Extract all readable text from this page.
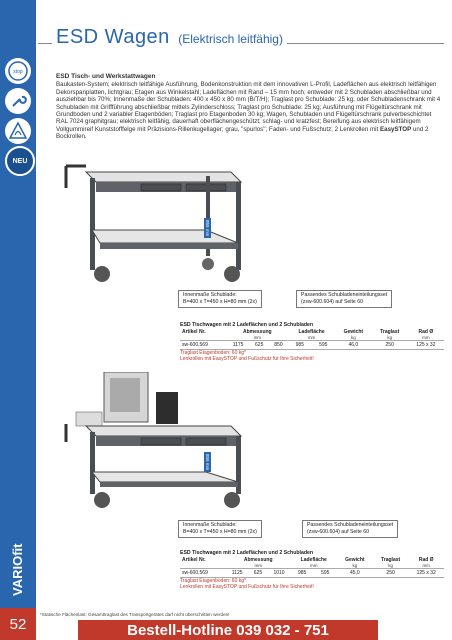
stop
NEU
VARIOfit
52
ESD Wagen (Elektrisch leitfähig)
ESD Tisch- und Werkstattwagen

Baukasten-System; elektrisch leitfähige Ausführung, Bodenkonstruktion mit dem innovativen L-Profil, Ladeflächen aus elektrisch leitfähigen Dekorspanplatten, lichtgrau; Etagen aus Winkelstahl; Ladeflächen mit Rand – 15 mm hoch; entweder mit 2 Schubladen abschließbar und ausziehbar bis 70%; Innenmaße der Schubladen: 400 x 450 x 80 mm (B/T/H); Traglast pro Schublade: 25 kg, oder Schubladenschrank mit 4 Schubladen mit Griffführung abschließbar mittels Zylinderschloss; Traglast pro Schublade: 25 kg; Ausführung mit Flügeltürschrank mit Grundboden und 2 variabler Etagenböden; Traglast pro Etagenboden 30 kg; Wagen, Schubladen und Flügeltürschrank pulverbeschichtet RAL 7024 graphitgrau; elektrisch leitfähig, dauerhaft oberflächengeschützt; schlag- und kratzfest; Bereifung aus elektrisch leitfähigem Vollgummireif Kunststofffelge mit Präzisions-Rillenkugellager; grau, "spurlos"; Faden- und Fußschutz; 2 Lenkrollen mit EasySTOP und 2 Bockrollen.

855 mm
Innenmaße Schublade:
B=400 x T=450 x H=80 mm (2x)
Passendes Schubladeneinteilungsset
(zsw-600.604) auf Seite 60
ESD Tischwagen mit 2 Ladeflächen und 2 Schubladen
Artikel Nr.	Abmessung			Ladefläche		Gewicht	Traglast	Rad Ø
	mm			mm		kg	kg	mm
sw-600.569	1175	625	850	985	595	46,0	250	125 x 32
Traglast Etagenboden: 60 kg*
Lenkrollen mit EasySTOP und Fußschutz für Ihre Sicherheit!
855 mm
Innenmaße Schublade:
B=400 x T=450 x H=80 mm (2x)
Passendes Schubladeneinteilungsset
(zsw-600.604) auf Seite 60
ESD Tischwagen mit 2 Ladeflächen und 2 Schubladen
Artikel Nr.	Abmessung			Ladefläche		Gewicht	Traglast	Rad Ø
	mm			mm		kg	kg	mm
sw-600.569	1125	625	1010	985	595	45,0	250	125 x 32
Traglast Etagenboden: 60 kg*
Lenkrollen mit EasySTOP und Fußschutz für Ihre Sicherheit!
*Statische Flächenlast; Gesamttraglast des Transportgerätes darf nicht überschritten werden!
Bestell-Hotline 039 032 - 751
